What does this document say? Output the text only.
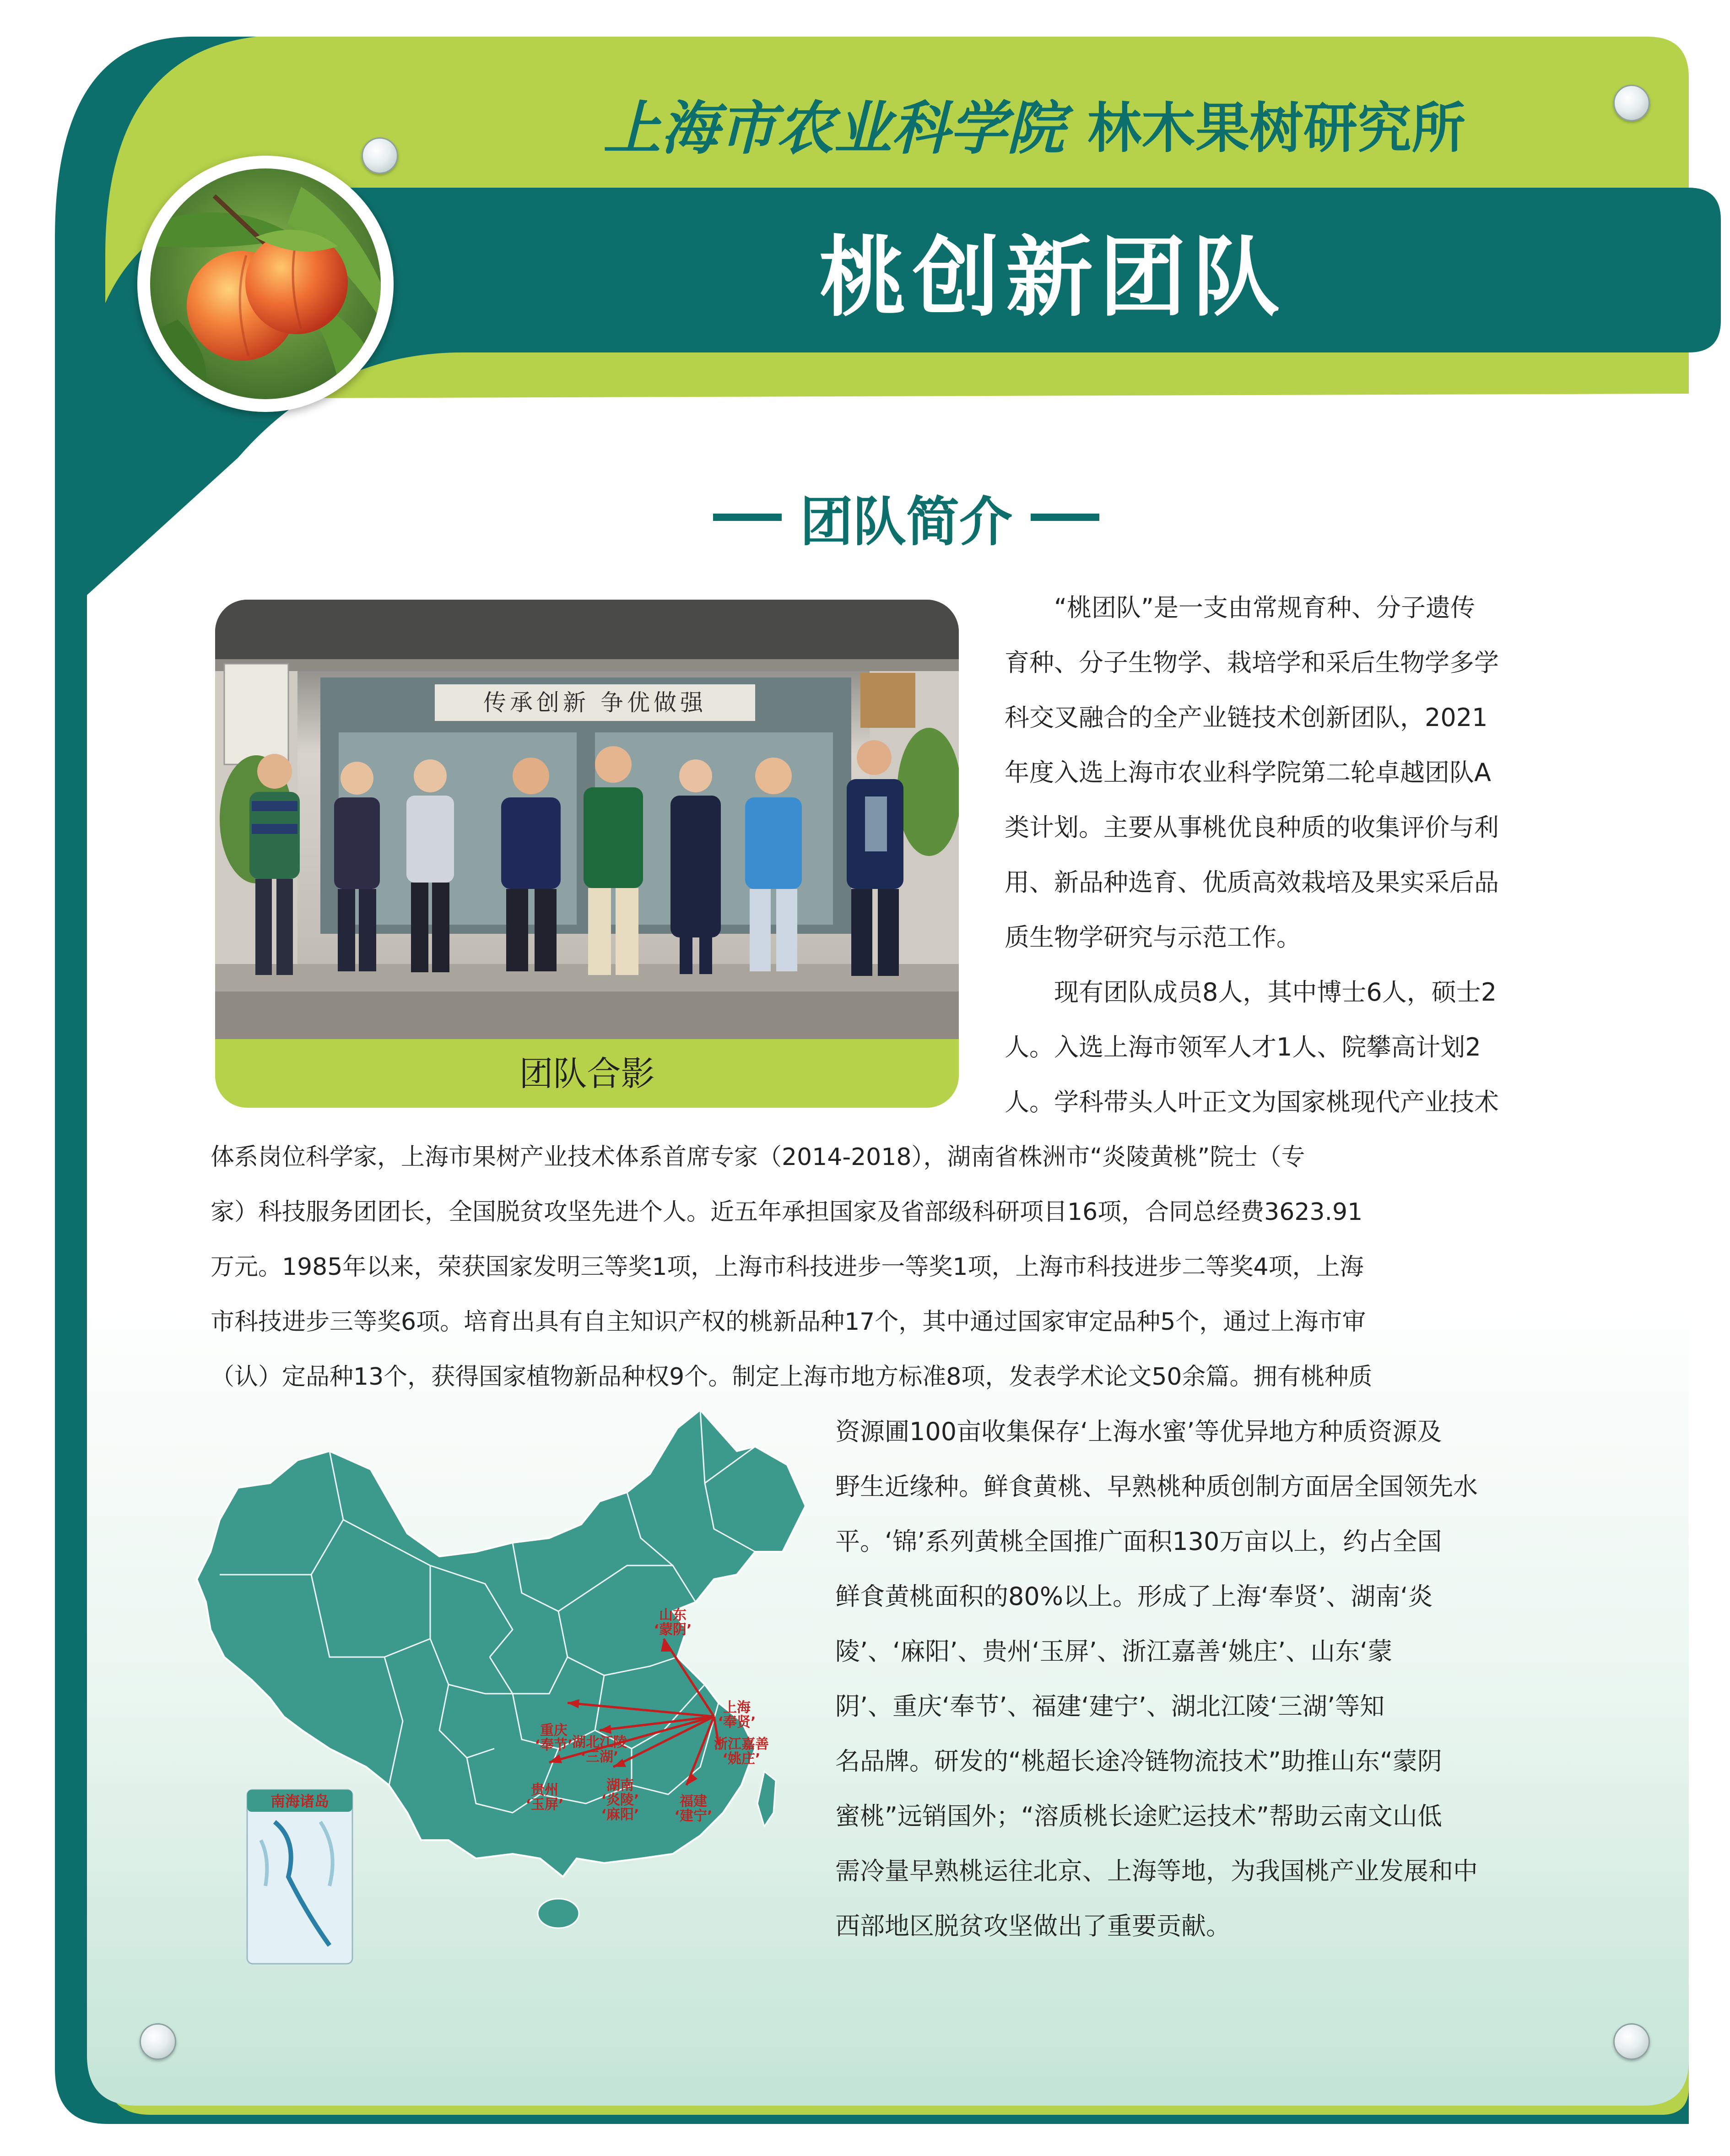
上海市农业科学院 林木果树研究所
桃创新团队
团队简介
传承创新 争优做强
团队合影
“桃团队”是一支由常规育种、分子遗传
育种、分子生物学、栽培学和采后生物学多学
科交叉融合的全产业链技术创新团队，2021
年度入选上海市农业科学院第二轮卓越团队A
类计划。主要从事桃优良种质的收集评价与利
用、新品种选育、优质高效栽培及果实采后品
质生物学研究与示范工作。
现有团队成员8人，其中博士6人，硕士2
人。入选上海市领军人才1人、院攀高计划2
人。学科带头人叶正文为国家桃现代产业技术
体系岗位科学家，上海市果树产业技术体系首席专家（2014-2018），湖南省株洲市“炎陵黄桃”院士（专
家）科技服务团团长，全国脱贫攻坚先进个人。近五年承担国家及省部级科研项目16项，合同总经费3623.91
万元。1985年以来，荣获国家发明三等奖1项，上海市科技进步一等奖1项，上海市科技进步二等奖4项，上海
市科技进步三等奖6项。培育出具有自主知识产权的桃新品种17个，其中通过国家审定品种5个，通过上海市审
（认）定品种13个，获得国家植物新品种权9个。制定上海市地方标准8项，发表学术论文50余篇。拥有桃种质
资源圃100亩收集保存‘上海水蜜’等优异地方种质资源及
野生近缘种。鲜食黄桃、早熟桃种质创制方面居全国领先水
平。‘锦’系列黄桃全国推广面积130万亩以上，约占全国
鲜食黄桃面积的80%以上。形成了上海‘奉贤’、湖南‘炎
陵’、‘麻阳’、贵州‘玉屏’、浙江嘉善‘姚庄’、山东‘蒙
阴’、重庆‘奉节’、福建‘建宁’、湖北江陵‘三湖’等知
名品牌。研发的“桃超长途冷链物流技术”助推山东“蒙阴
蜜桃”远销国外；“溶质桃长途贮运技术”帮助云南文山低
需冷量早熟桃运往北京、上海等地，为我国桃产业发展和中
西部地区脱贫攻坚做出了重要贡献。
南海诸岛
上海‘奉贤’
山东‘蒙阴’
浙江嘉善‘姚庄’
重庆‘奉节’
湖北江陵‘三湖’
贵州‘玉屏’
湖南‘炎陵’ ‘麻阳’
福建‘建宁’
